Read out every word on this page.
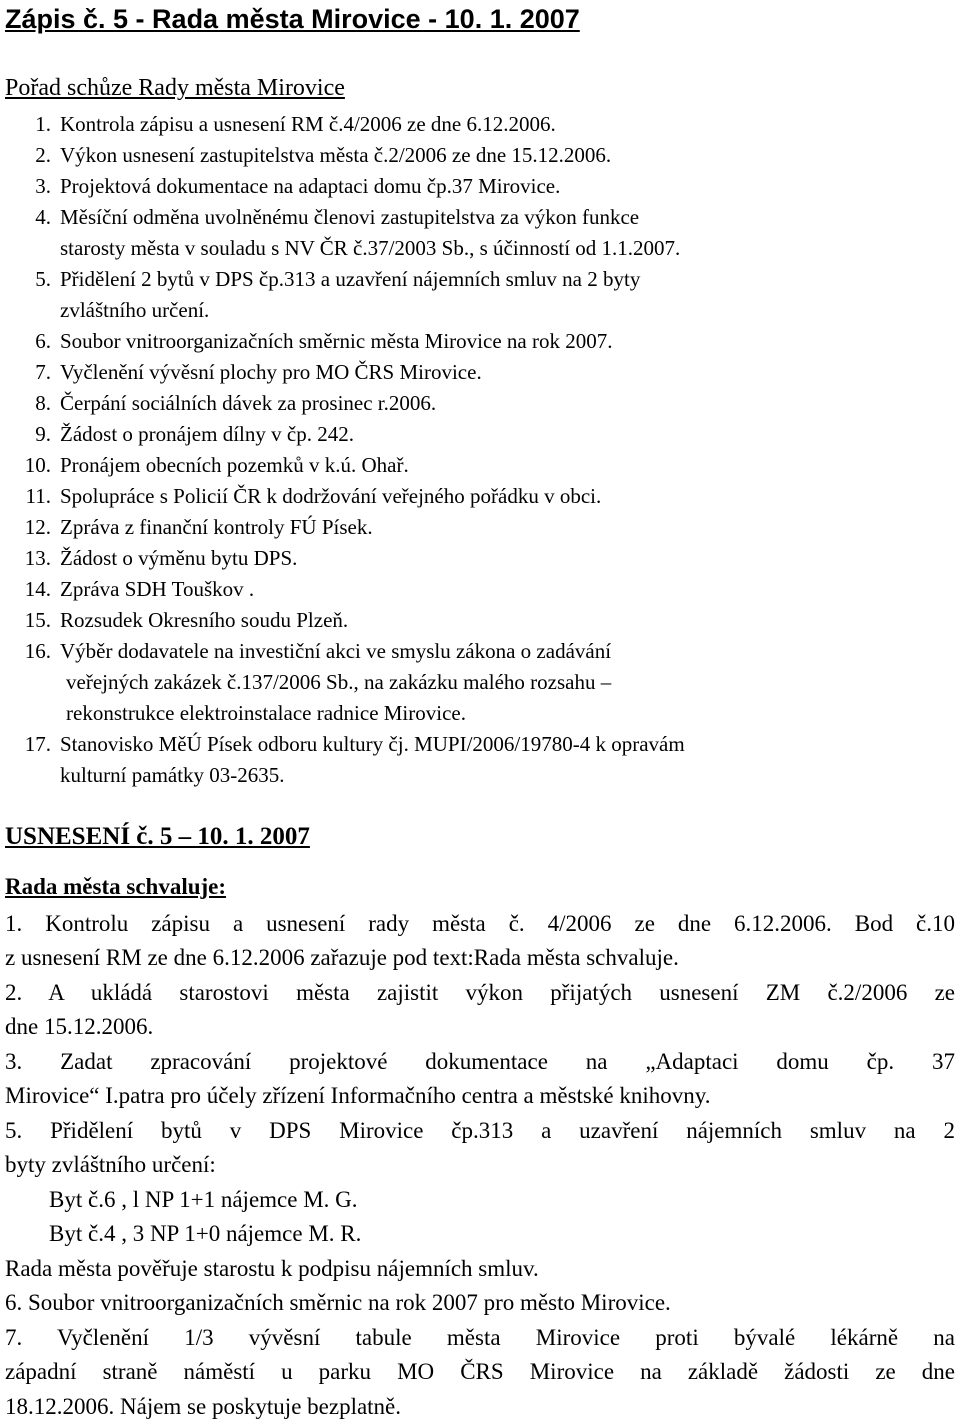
Zápis č. 5 - Rada města Mirovice - 10. 1. 2007
Pořad schůze Rady města Mirovice
1. Kontrola zápisu a usnesení RM č.4/2006 ze dne 6.12.2006.
2. Výkon usnesení zastupitelstva města č.2/2006 ze dne 15.12.2006.
3. Projektová dokumentace na adaptaci domu čp.37 Mirovice.
4. Měsíční odměna uvolněnému členovi zastupitelstva za výkon funkce
starosty města v souladu s NV ČR č.37/2003 Sb., s účinností od 1.1.2007.
5. Přidělení 2 bytů v DPS čp.313 a uzavření nájemních smluv na 2 byty
zvláštního určení.
6. Soubor vnitroorganizačních směrnic města Mirovice na rok 2007.
7. Vyčlenění vývěsní plochy pro MO ČRS Mirovice.
8. Čerpání sociálních dávek za prosinec r.2006.
9. Žádost o pronájem dílny v čp. 242.
10. Pronájem obecních pozemků v k.ú. Ohař.
11. Spolupráce s Policií ČR k dodržování veřejného pořádku v obci.
12. Zpráva z finanční kontroly FÚ Písek.
13. Žádost o výměnu bytu DPS.
14. Zpráva SDH Touškov .
15. Rozsudek Okresního soudu Plzeň.
16. Výběr dodavatele na investiční akci ve smyslu zákona o zadávání
veřejných zakázek č.137/2006 Sb., na zakázku malého rozsahu –
rekonstrukce elektroinstalace radnice Mirovice.
17. Stanovisko MěÚ Písek odboru kultury čj. MUPI/2006/19780-4 k opravám
kulturní památky 03-2635.
USNESENÍ č. 5 – 10. 1. 2007
Rada města schvaluje:
1. Kontrolu zápisu a usnesení rady města č. 4/2006 ze dne 6.12.2006. Bod č.10
z usnesení RM ze dne 6.12.2006 zařazuje pod text:Rada města schvaluje.
2. A ukládá starostovi města zajistit výkon přijatých usnesení ZM č.2/2006 ze
dne 15.12.2006.
3. Zadat zpracování projektové dokumentace na „Adaptaci domu čp. 37
Mirovice“ I.patra pro účely zřízení Informačního centra a městské knihovny.
5. Přidělení bytů v DPS Mirovice čp.313 a uzavření nájemních smluv na 2
byty zvláštního určení:
Byt č.6 , l NP 1+1 nájemce M. G.
Byt č.4 , 3 NP 1+0 nájemce M. R.
Rada města pověřuje starostu k podpisu nájemních smluv.
6. Soubor vnitroorganizačních směrnic na rok 2007 pro město Mirovice.
7. Vyčlenění 1/3 vývěsní tabule města Mirovice proti bývalé lékárně na
západní straně náměstí u parku MO ČRS Mirovice na základě žádosti ze dne
18.12.2006. Nájem se poskytuje bezplatně.
